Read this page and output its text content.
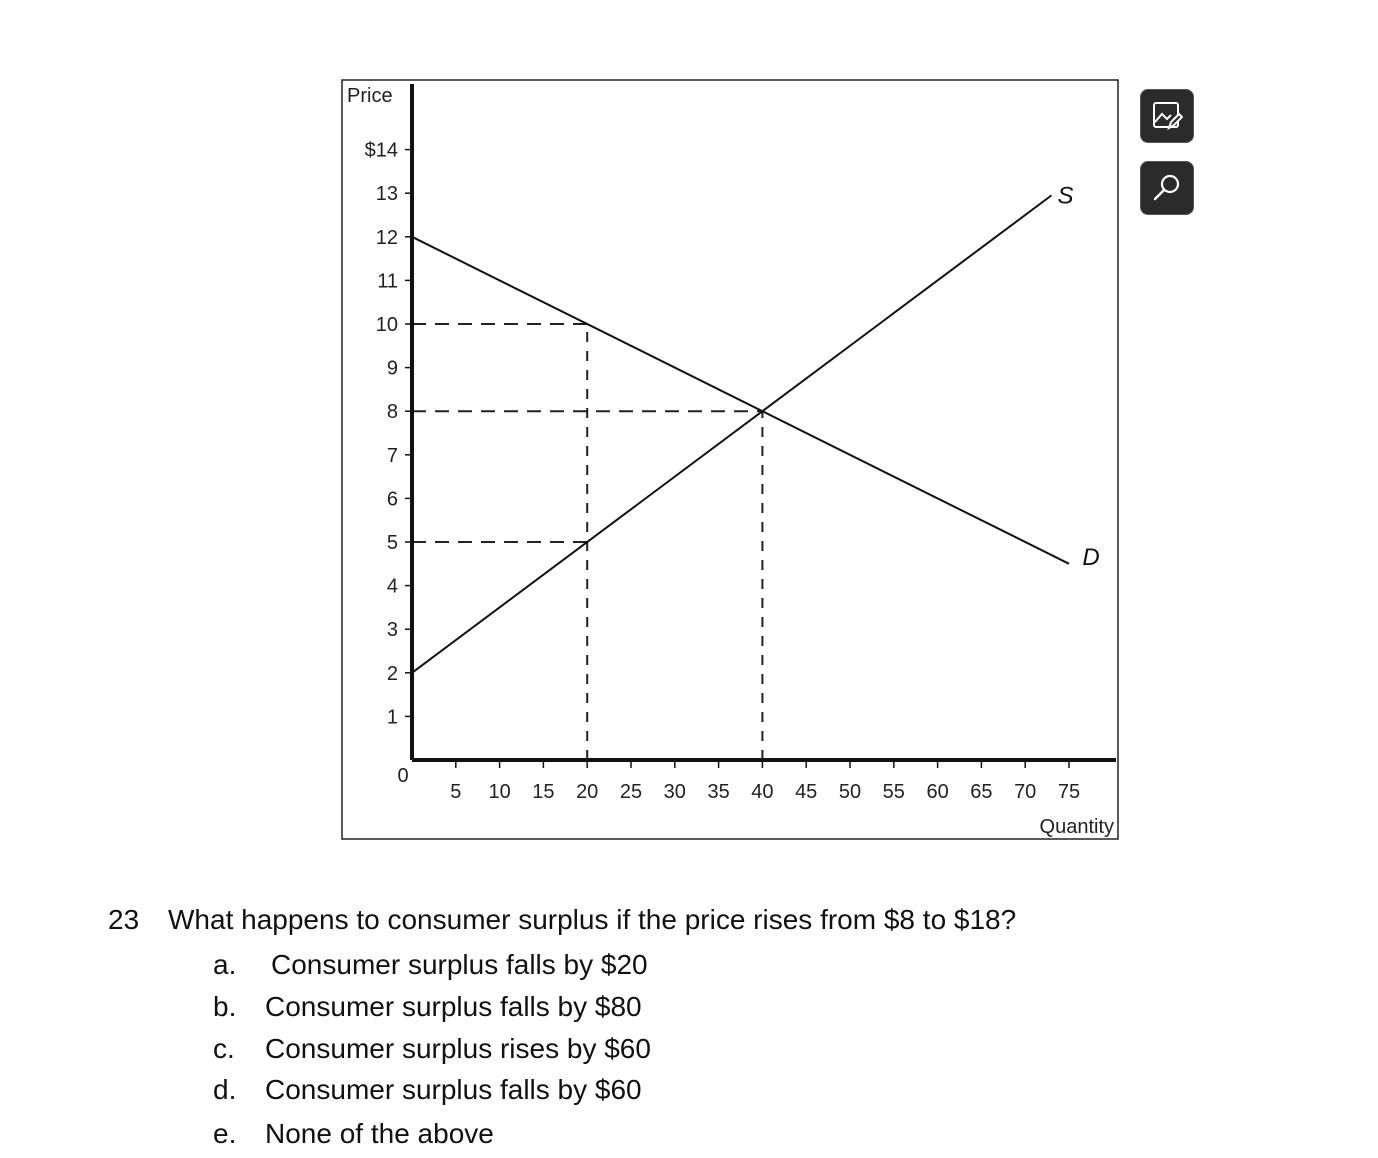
1
2
3
4
5
6
7
8
9
10
11
12
13
$14
5 10 15 20 25 30 35 40 45 50 55 60 65 70 75
S
D
Price
Quantity
0
23 What happens to consumer surplus if the price rises from $8 to $18?
a. Consumer surplus falls by $20
b. Consumer surplus falls by $80
c. Consumer surplus rises by $60
d. Consumer surplus falls by $60
e. None of the above
